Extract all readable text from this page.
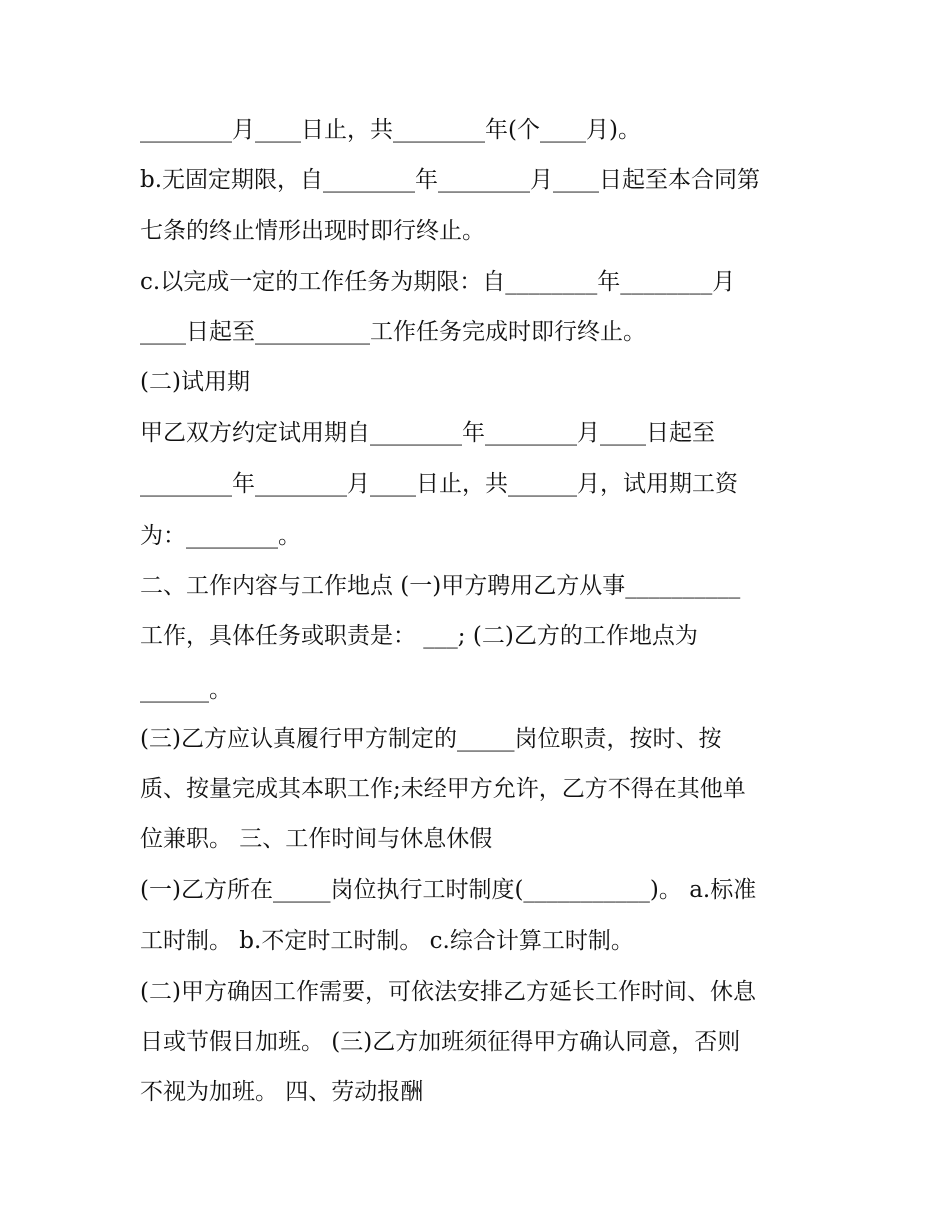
________月____日止，共________年(个____月)。
b.无固定期限，自________年________月____日起至本合同第
七条的终止情形出现时即行终止。
c.以完成一定的工作任务为期限：自________年________月
____日起至__________工作任务完成时即行终止。
(二)试用期
甲乙双方约定试用期自________年________月____日起至
________年________月____日止，共______月，试用期工资
为：________。
二、工作内容与工作地点 (一)甲方聘用乙方从事__________
工作，具体任务或职责是： ___; (二)乙方的工作地点为
______。
(三)乙方应认真履行甲方制定的_____岗位职责，按时、按
质、按量完成其本职工作;未经甲方允许，乙方不得在其他单
位兼职。 三、工作时间与休息休假
(一)乙方所在_____岗位执行工时制度(___________)。 a.标准
工时制。 b.不定时工时制。 c.综合计算工时制。
(二)甲方确因工作需要，可依法安排乙方延长工作时间、休息
日或节假日加班。 (三)乙方加班须征得甲方确认同意，否则
不视为加班。 四、劳动报酬
